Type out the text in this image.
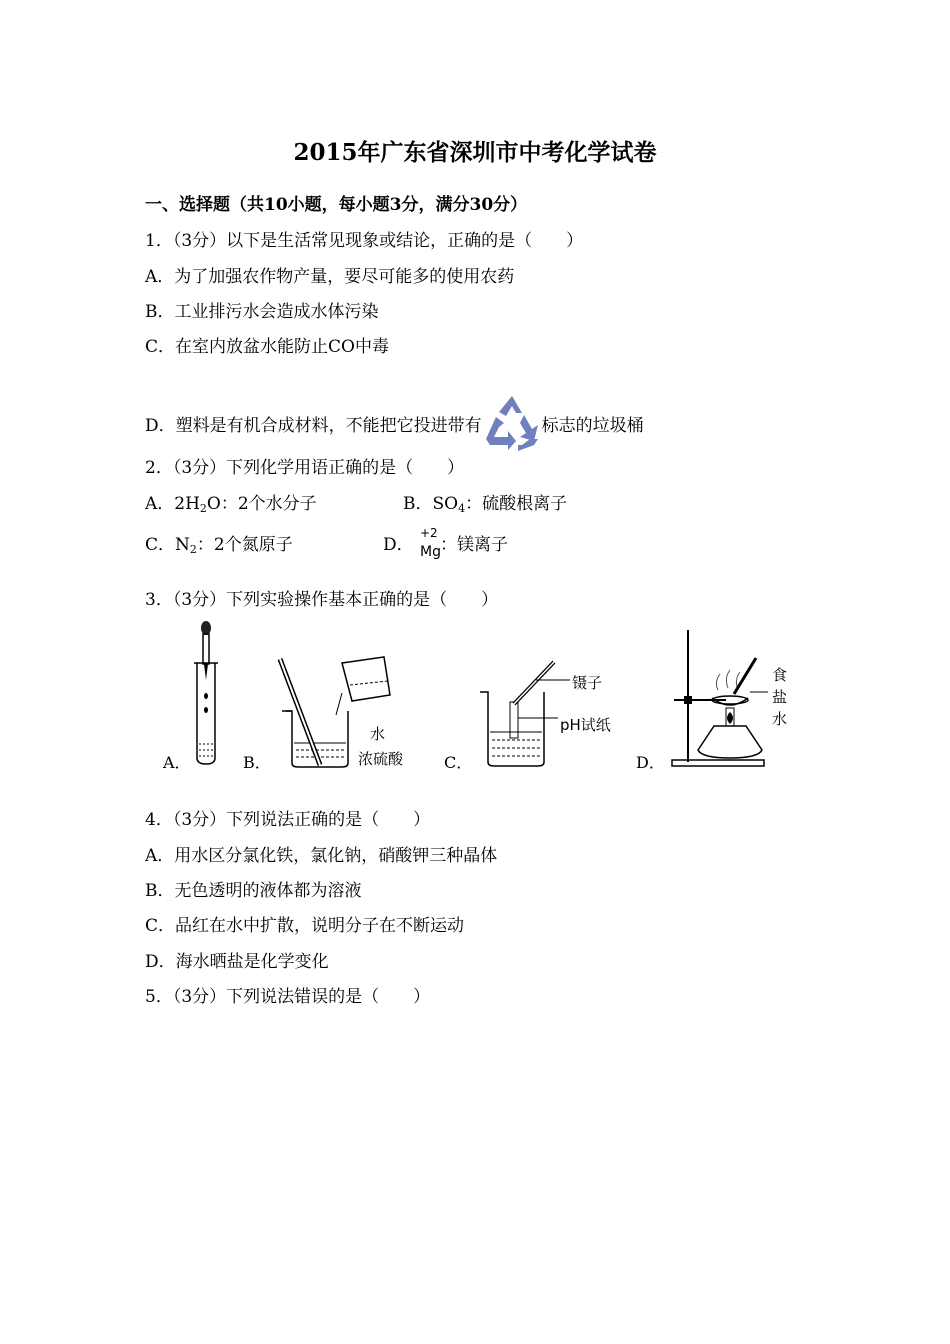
2015年广东省深圳市中考化学试卷
一、选择题（共10小题，每小题3分，满分30分）
1．（3分）以下是生活常见现象或结论，正确的是（　　）
A．为了加强农作物产量，要尽可能多的使用农药
B．工业排污水会造成水体污染
C．在室内放盆水能防止CO中毒
D．塑料是有机合成材料，不能把它投进带有	标志的垃圾桶
2．（3分）下列化学用语正确的是（　　）
A．$2H_2O$：2个水分子	B．$SO_4$：硫酸根离子
C．$N_2$：2个氮原子	D．
+2
Mg ：镁离子
3．（3分）下列实验操作基本正确的是（　　）
A．	B．	C．	D．
水
浓硫酸
镊子
pH试纸
食
盐
水
4．（3分）下列说法正确的是（　　）
A．用水区分氯化铁，氯化钠，硝酸钾三种晶体
B．无色透明的液体都为溶液
C．品红在水中扩散，说明分子在不断运动
D．海水晒盐是化学变化
5．（3分）下列说法错误的是（　　）
